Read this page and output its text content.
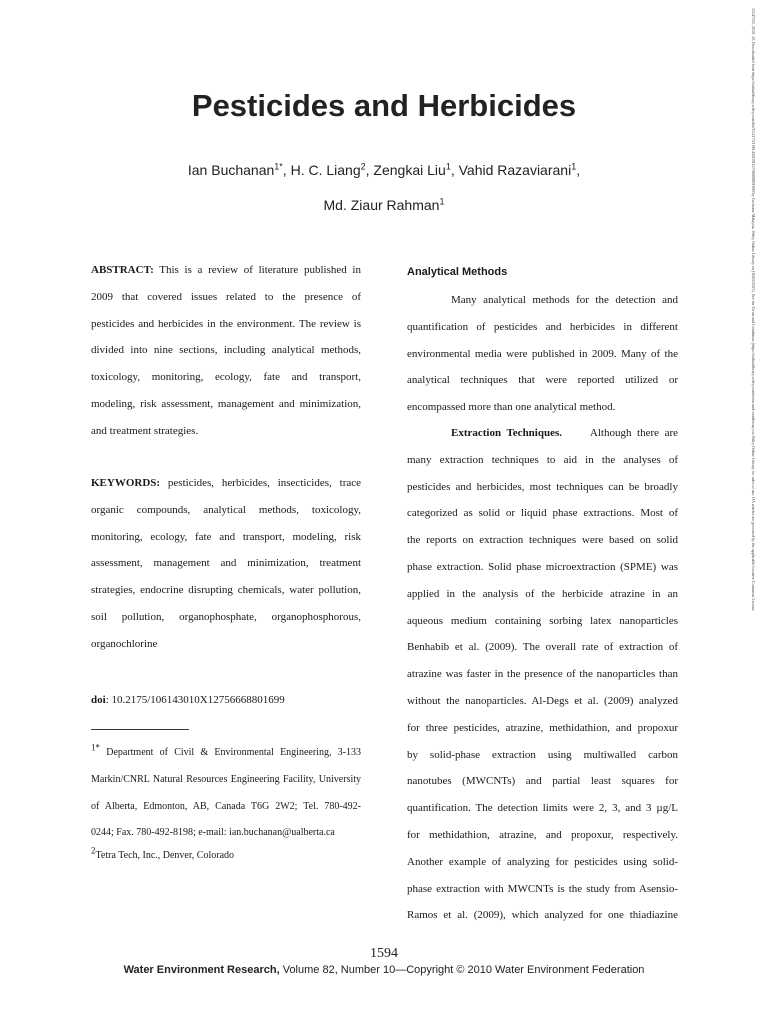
Pesticides and Herbicides
Ian Buchanan$^{1*}$, H. C. Liang$^2$, Zengkai Liu$^1$, Vahid Razaviarani$^1$,
Md. Ziaur Rahman$^1$
doi: 10.2175/106143010X12756668801699
ABSTRACT: This is a review of literature published in
2009 that covered issues related to the presence of
pesticides and herbicides in the environment. The review is
divided into nine sections, including analytical methods,
toxicology, monitoring, ecology, fate and transport,
modeling, risk assessment, management and minimization,
and treatment strategies.
KEYWORDS: pesticides, herbicides, insecticides, trace
organic compounds, analytical methods, toxicology,
monitoring, ecology, fate and transport, modeling, risk
assessment, management and minimization, treatment
strategies, endocrine disrupting chemicals, water pollution,
soil pollution, organophosphate, organophosphorous,
organochlorine
$^{1*}$ Department of Civil & Environmental Engineering, 3-133
Markin/CNRL Natural Resources Engineering Facility, University
of Alberta, Edmonton, AB, Canada T6G 2W2; Tel. 780-492-
0244; Fax. 780-492-8198; e-mail: ian.buchanan@ualberta.ca
$^2$Tetra Tech, Inc., Denver, Colorado
Analytical Methods
Extraction Techniques.	Although there are
Many analytical methods for the detection and
quantification of pesticides and herbicides in different
environmental media were published in 2009. Many of the
analytical techniques that were reported utilized or
encompassed more than one analytical method.
many extraction techniques to aid in the analyses of
pesticides and herbicides, most techniques can be broadly
categorized as solid or liquid phase extractions. Most of
the reports on extraction techniques were based on solid
phase extraction. Solid phase microextraction (SPME) was
applied in the analysis of the herbicide atrazine in an
aqueous medium containing sorbing latex nanoparticles
Benhabib et al. (2009). The overall rate of extraction of
atrazine was faster in the presence of the nanoparticles than
without the nanoparticles. Al-Degs et al. (2009) analyzed
for three pesticides, atrazine, methidathion, and propoxur
by solid-phase extraction using multiwalled carbon
nanotubes (MWCNTs) and partial least squares for
quantification. The detection limits were 2, 3, and 3 µg/L
for methidathion, atrazine, and propoxur, respectively.
Another example of analyzing for pesticides using solid-
phase extraction with MWCNTs is the study from Asensio-
Ramos et al. (2009), which analyzed for one thiadiazine
1594
Water Environment Research, Volume 82, Number 10—Copyright © 2010 Water Environment Federation
15547531, 2010, 10, Downloaded from https://onlinelibrary.wiley.com/doi/10.2175/106143010X12756668801699 by Cochrane Malaysia, Wiley Online Library on [16/05/2023]. See the Terms and Conditions (https://onlinelibrary.wiley.com/terms-and-conditions) on Wiley Online Library for rules of use; OA articles are governed by the applicable Creative Commons License
